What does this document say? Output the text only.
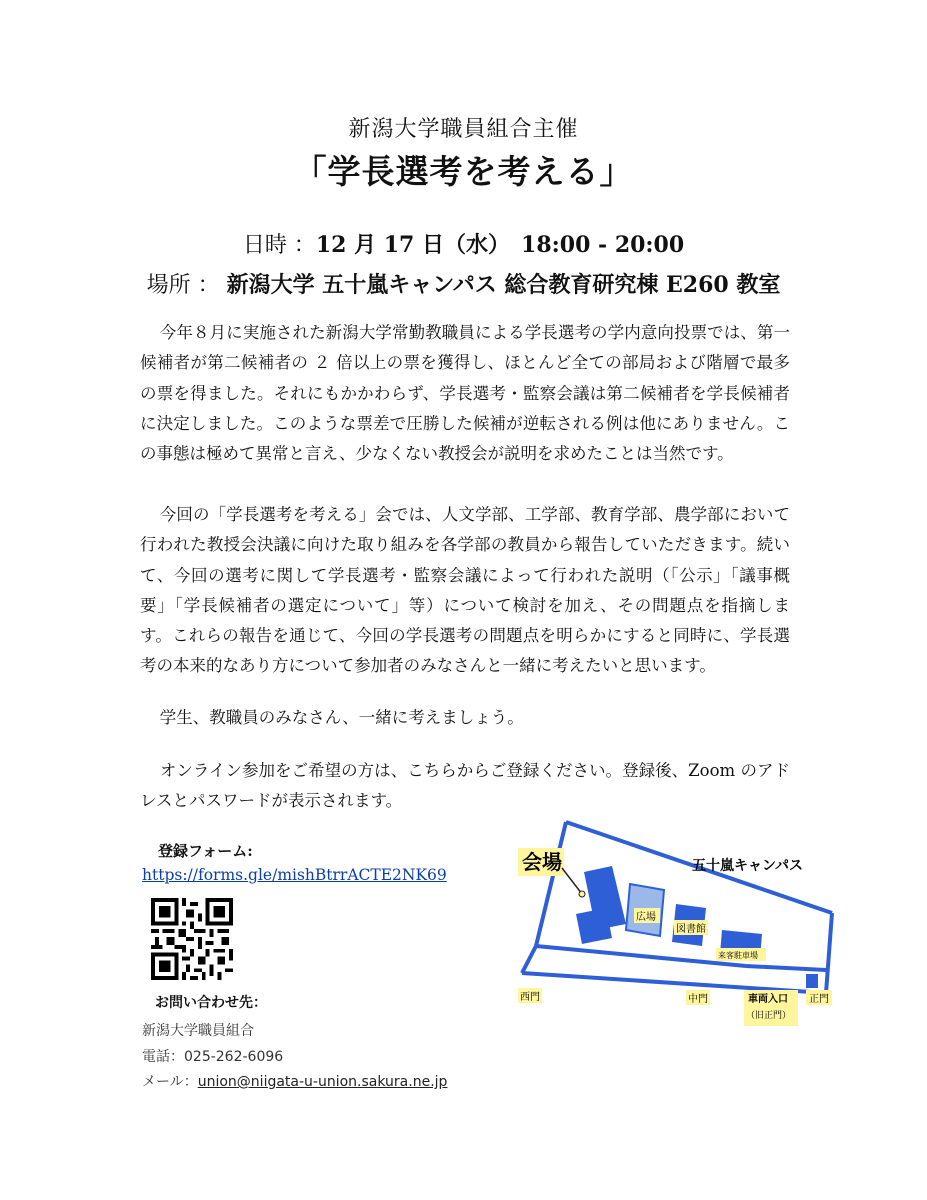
新潟大学職員組合主催
「学長選考を考える」
日時 ：12 月 17 日（水）　18:00 - 20:00
場所 ： 新潟大学 五十嵐キャンパス 総合教育研究棟 E260 教室
今年８月に実施された新潟大学常勤教職員による学長選考の学内意向投票では、第一候補者が第二候補者の ２ 倍以上の票を獲得し、ほとんど全ての部局および階層で最多の票を得ました。それにもかかわらず、学長選考・監察会議は第二候補者を学長候補者に決定しました。このような票差で圧勝した候補が逆転される例は他にありません。この事態は極めて異常と言え、少なくない教授会が説明を求めたことは当然です。
今回の「学長選考を考える」会では、人文学部、工学部、教育学部、農学部において行われた教授会決議に向けた取り組みを各学部の教員から報告していただきます。続いて、今回の選考に関して学長選考・監察会議によって行われた説明（「公示」「議事概要」「学長候補者の選定について」等）について検討を加え、その問題点を指摘します。これらの報告を通じて、今回の学長選考の問題点を明らかにすると同時に、学長選考の本来的なあり方について参加者のみなさんと一緒に考えたいと思います。
学生、教職員のみなさん、一緒に考えましょう。
オンライン参加をご希望の方は、こちらからご登録ください。登録後、Zoom のアドレスとパスワードが表示されます。
登録フォーム:
https://forms.gle/mishBtrrACTE2NK69
お問い合わせ先：
新潟大学職員組合
電話：025-262-6096
メール：union@niigata-u-union.sakura.ne.jp
会場	五十嵐キャンパス
広場
図書館
来客駐車場
西門	中門	車両入口
（旧正門）
正門
